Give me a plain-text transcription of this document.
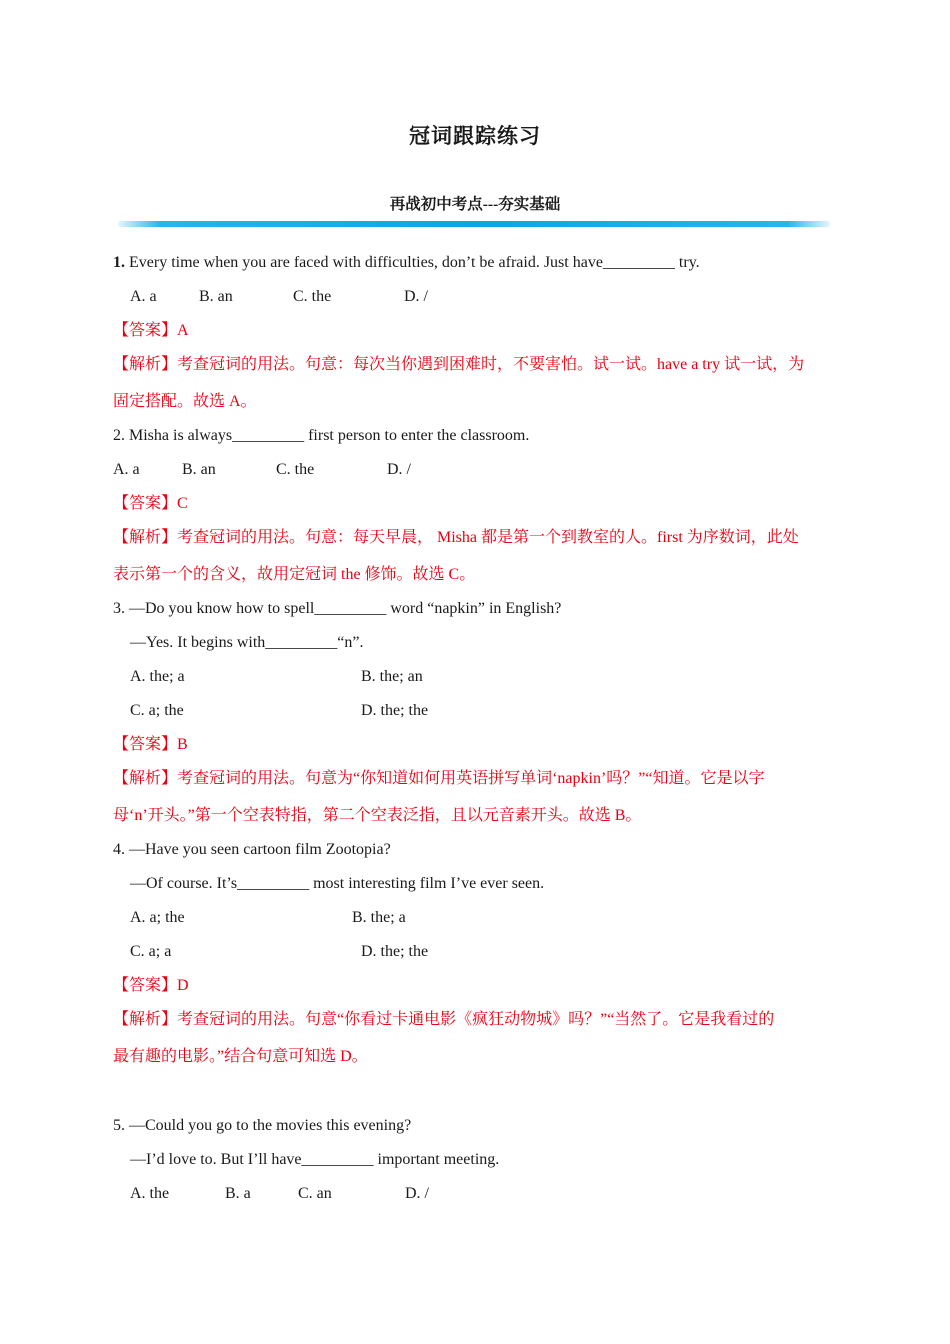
冠词跟踪练习
再战初中考点---夯实基础
1. Every time when you are faced with difficulties, don’t be afraid. Just have_________ try.
A. a	B. an	C. the	D. /
【答案】A
【解析】考查冠词的用法。句意：每次当你遇到困难时，不要害怕。试一试。have a try 试一试，为
固定搭配。故选 A。
2. Misha is always_________ first person to enter the classroom.
A. a	B. an	C. the	D. /
【答案】C
【解析】考查冠词的用法。句意：每天早晨， Misha 都是第一个到教室的人。first 为序数词，此处
表示第一个的含义，故用定冠词 the 修饰。故选 C。
3. —Do you know how to spell_________ word “napkin” in English?
—Yes. It begins with_________“n”.
A. the; a	B. the; an
C. a; the	D. the; the
【答案】B
【解析】考查冠词的用法。句意为“你知道如何用英语拼写单词‘napkin’吗？”“知道。它是以字
母‘n’开头。”第一个空表特指，第二个空表泛指，且以元音素开头。故选 B。
4. —Have you seen cartoon film Zootopia?
—Of course. It’s_________ most interesting film I’ve ever seen.
A. a; the	B. the; a
C. a; a	D. the; the
【答案】D
【解析】考查冠词的用法。句意“你看过卡通电影《疯狂动物城》吗？”“当然了。它是我看过的
最有趣的电影。”结合句意可知选 D。
5. —Could you go to the movies this evening?
—I’d love to. But I’ll have_________ important meeting.
A. the	B. a	C. an	D. /
